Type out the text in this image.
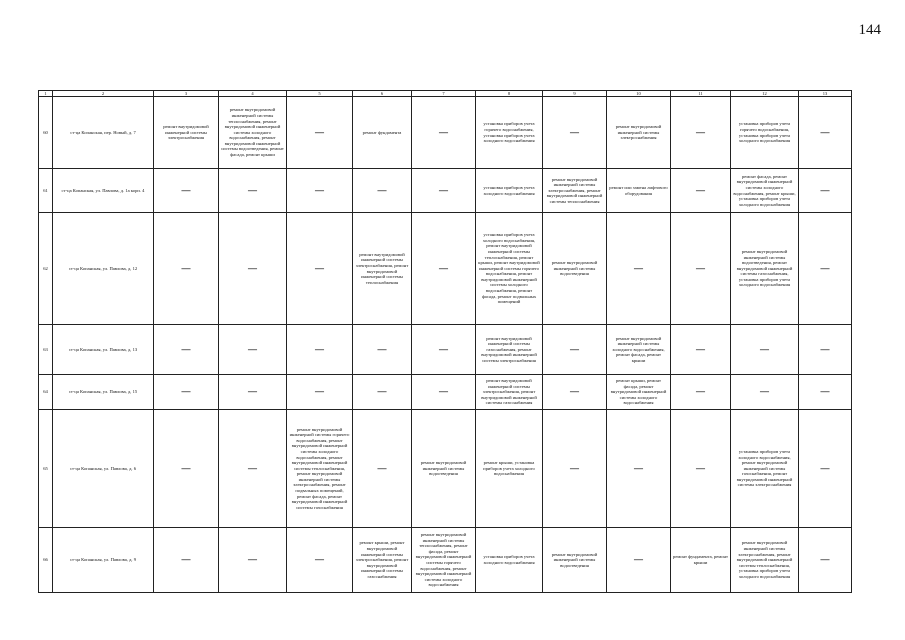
144
1	2	3	4	5	6	7	8	9	10	11	12	13
60	ст-ца Копанская, пер. Новый, д. 7	ремонт внутридомовой инженерной системы электроснабжения	ремонт внутридомовой инженерной системы теплоснабжения, ремонт внутридомовой инженерной системы холодного водоснабжения, ремонт внутридомовой инженерной системы водоотведения, ремонт фасада, ремонт крыши	—	ремонт фундамента	—	установка приборов учета горячего водоснабжения, установка приборов учета холодного водоснабжения	—	ремонт внутридомовой инженерной системы электроснабжения	—	установка приборов учета горячего водоснабжения, установка приборов учета холодного водоснабжения	—
61	ст-ца Копанская, ул. Павлова, д. 1а корп. 4	—	—	—	—	—	установка приборов учета холодного водоснабжения	ремонт внутридомовой инженерной системы электроснабжения, ремонт внутридомовой инженерной системы теплоснабжения	ремонт или замена лифтового оборудования	—	ремонт фасада, ремонт внутридомовой инженерной системы холодного водоснабжения, ремонт крыши, установка приборов учета холодного водоснабжения	—
62	ст-ца Копанская, ул. Павлова, д. 12	—	—	—	ремонт внутридомовой инженерной системы электроснабжения, ремонт внутридомовой инженерной системы теплоснабжения	—	установка приборов учета холодного водоснабжения, ремонт внутридомовой инженерной системы теплоснабжения, ремонт крыши, ремонт внутридомовой инженерной системы горячего водоснабжения, ремонт внутридомовой инженерной системы холодного водоснабжения, ремонт фасада, ремонт подвальных помещений	ремонт внутридомовой инженерной системы водоотведения	—	—	ремонт внутридомовой инженерной системы водоотведения, ремонт внутридомовой инженерной системы газоснабжения, установка приборов учета холодного водоснабжения	—
63	ст-ца Копанская, ул. Павлова, д. 13	—	—	—	—	—	ремонт внутридомовой инженерной системы газоснабжения, ремонт внутридомовой инженерной системы электроснабжения	—	ремонт внутридомовой инженерной системы холодного водоснабжения, ремонт фасада, ремонт крыши	—	—	—
64	ст-ца Копанская, ул. Павлова, д. 15	—	—	—	—	—	ремонт внутридомовой инженерной системы электроснабжения, ремонт внутридомовой инженерной системы газоснабжения	—	ремонт крыши, ремонт фасада, ремонт внутридомовой инженерной системы холодного водоснабжения	—	—	—
65	ст-ца Копанская, ул. Павлова, д. 6	—	—	ремонт внутридомовой инженерной системы горячего водоснабжения, ремонт внутридомовой инженерной системы холодного водоснабжения, ремонт внутридомовой инженерной системы теплоснабжения, ремонт внутридомовой инженерной системы электроснабжения, ремонт подвальных помещений, ремонт фасада, ремонт внутридомовой инженерной системы газоснабжения	—	ремонт внутридомовой инженерной системы водоотведения	ремонт крыши, установка приборов учета холодного водоснабжения	—	—	—	установка приборов учета холодного водоснабжения, ремонт внутридомовой инженерной системы газоснабжения, ремонт внутридомовой инженерной системы электроснабжения	—
66	ст-ца Копанская, ул. Павлова, д. 9	—	—	—	ремонт крыши, ремонт внутридомовой инженерной системы электроснабжения, ремонт внутридомовой инженерной системы газоснабжения	ремонт внутридомовой инженерной системы теплоснабжения, ремонт фасада, ремонт внутридомовой инженерной системы горячего водоснабжения, ремонт внутридомовой инженерной системы холодного водоснабжения	установка приборов учета холодного водоснабжения	ремонт внутридомовой инженерной системы водоотведения	—	ремонт фундамента, ремонт крыши	ремонт внутридомовой инженерной системы электроснабжения, ремонт внутридомовой инженерной системы теплоснабжения, установка приборов учета холодного водоснабжения	—
